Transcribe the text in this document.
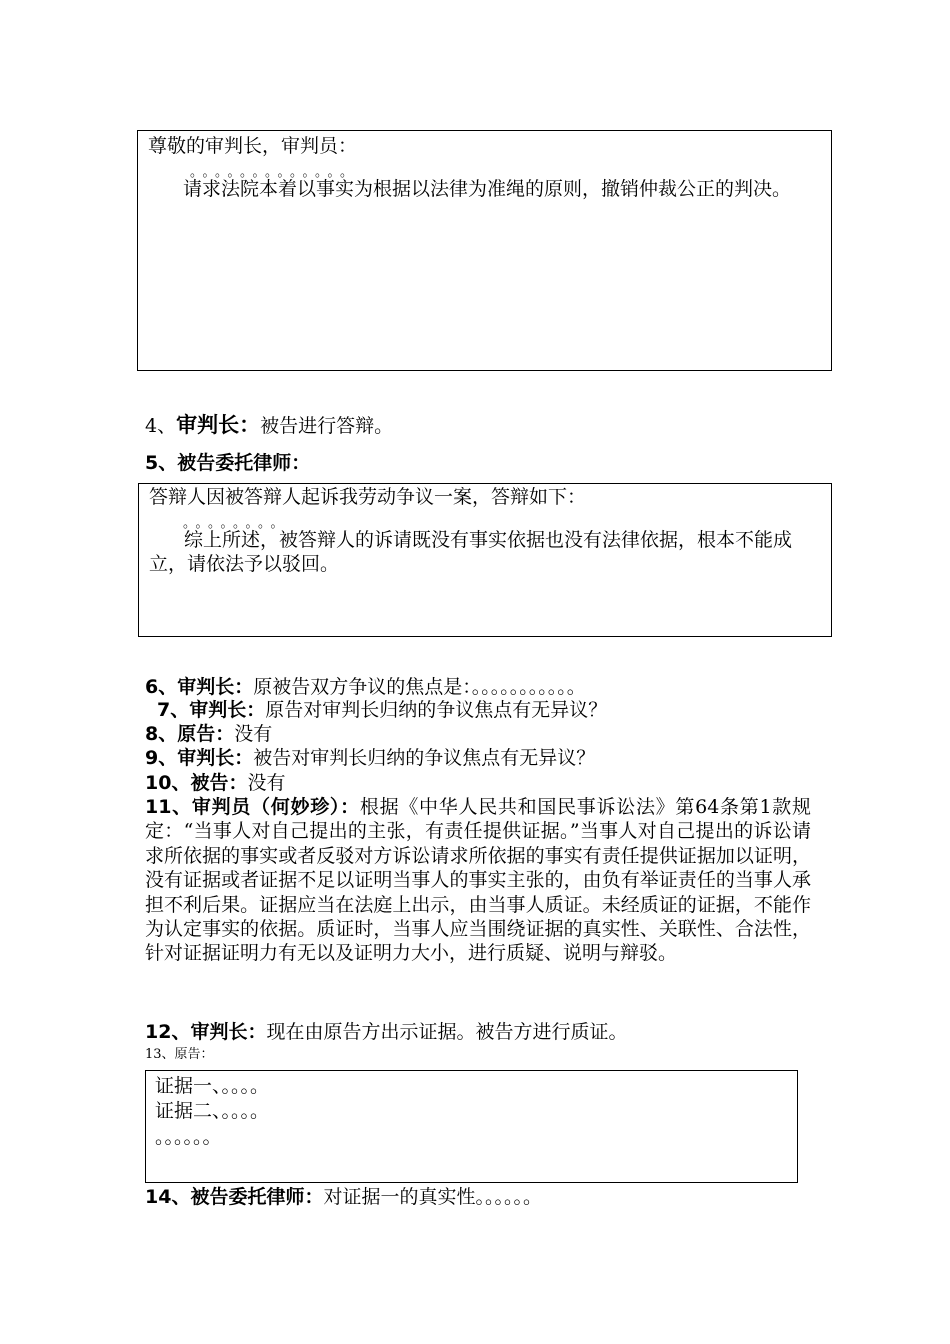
尊敬的审判长，审判员：
。。。。。。。。。。。。。
请求法院本着以事实为根据以法律为准绳的原则，撤销仲裁公正的判决。
4、审判长：被告进行答辩。
5、被告委托律师：
答辩人因被答辩人起诉我劳动争议一案，答辩如下：
。。。。。。。。
综上所述，被答辩人的诉请既没有事实依据也没有法律依据，根本不能成立，请依法予以驳回。
6、审判长：原被告双方争议的焦点是：。。。。。。。。。。。
7、审判长：原告对审判长归纳的争议焦点有无异议？
8、原告：没有
9、审判长：被告对审判长归纳的争议焦点有无异议？
10、被告：没有
11、审判员（何妙珍）：根据《中华人民共和国民事诉讼法》第64条第1款规定：“当事人对自己提出的主张，有责任提供证据。”当事人对自己提出的诉讼请求所依据的事实或者反驳对方诉讼请求所依据的事实有责任提供证据加以证明，没有证据或者证据不足以证明当事人的事实主张的，由负有举证责任的当事人承担不利后果。证据应当在法庭上出示，由当事人质证。未经质证的证据，不能作为认定事实的依据。质证时，当事人应当围绕证据的真实性、关联性、合法性，针对证据证明力有无以及证明力大小，进行质疑、说明与辩驳。
12、审判长：现在由原告方出示证据。被告方进行质证。
13、原告：
证据一、。。。。
证据二、。。。。
。。。。。。
14、被告委托律师：对证据一的真实性。。。。。。
